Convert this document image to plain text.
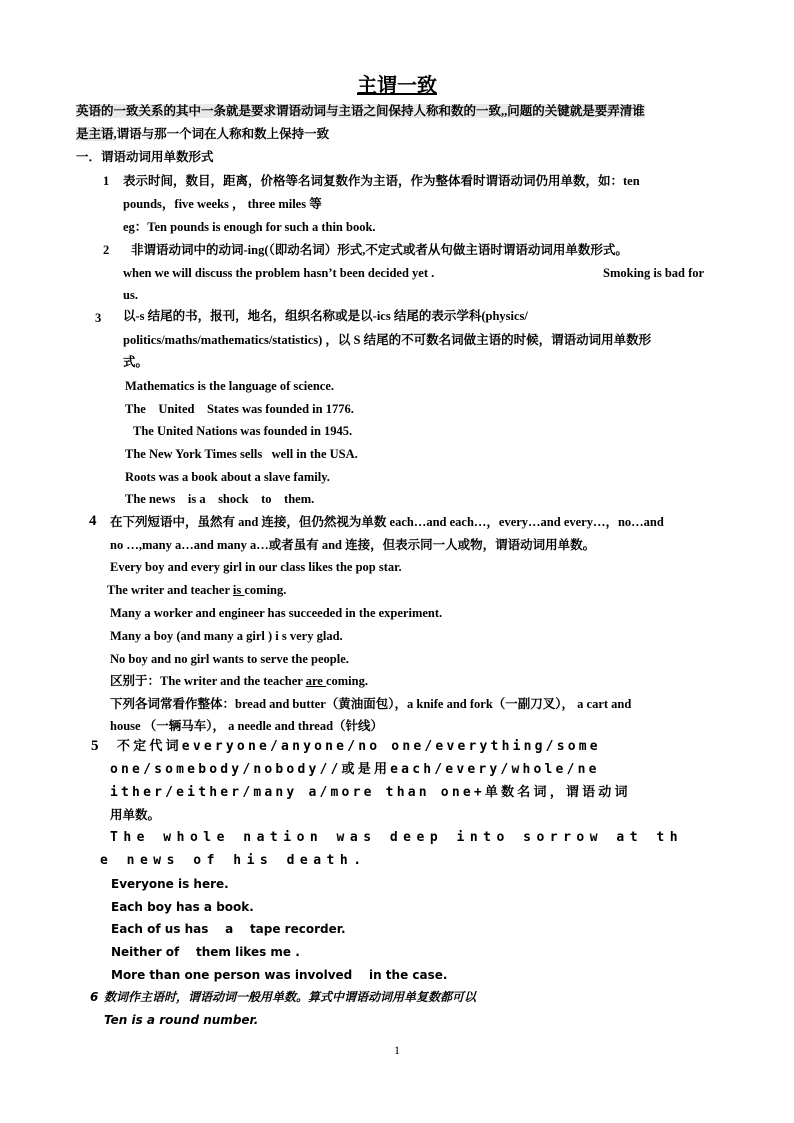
主谓一致
英语的一致关系的其中一条就是要求谓语动词与主语之间保持人称和数的一致,,问题的关键就是要弄清谁
是主语,谓语与那一个词在人称和数上保持一致
一．谓语动词用单数形式
1 表示时间，数目，距离，价格等名词复数作为主语，作为整体看时谓语动词仍用单数，如：ten
pounds，five weeks ， three miles 等
eg：Ten pounds is enough for such a thin book.
2 非谓语动词中的动词-ing(（即动名词）形式,不定式或者从句做主语时谓语动词用单数形式。
when we will discuss the problem hasn’t been decided yet .	Smoking is bad for
us.
3 以-s 结尾的书，报刊，地名，组织名称或是以-ics 结尾的表示学科(physics/
politics/maths/mathematics/statistics) ，以 S 结尾的不可数名词做主语的时候，谓语动词用单数形
式。
Mathematics is the language of science.
The    United    States was founded in 1776.
The United Nations was founded in 1945.
The New York Times sells   well in the USA.
Roots was a book about a slave family.
The news    is a    shock    to    them.
4 在下列短语中，虽然有 and 连接，但仍然视为单数 each…and each…，every…and every…，no…and
no …,many a…and many a…或者虽有 and 连接，但表示同一人或物，谓语动词用单数。
Every boy and every girl in our class likes the pop star.
The writer and teacher is coming.
Many a worker and engineer has succeeded in the experiment.
Many a boy (and many a girl ) i s very glad.
No boy and no girl wants to serve the people.
区别于：The writer and the teacher are coming.
下列各词常看作整体：bread and butter（黄油面包），a knife and fork（一副刀叉）， a cart and
house （一辆马车）， a needle and thread（针线）
5 不定代词everyone/anyone/no one/everything/some
one/somebody/nobody//或是用each/every/whole/ne
ither/either/many a/more than one+单数名词，谓语动词
用单数。
The whole nation was deep into sorrow at th
e news of his death.
Everyone is here.
Each boy has a book.
Each of us has    a    tape recorder.
Neither of    them likes me .
More than one person was involved    in the case.
6 数词作主语时，谓语动词一般用单数。算式中谓语动词用单复数都可以
Ten is a round number.
1
